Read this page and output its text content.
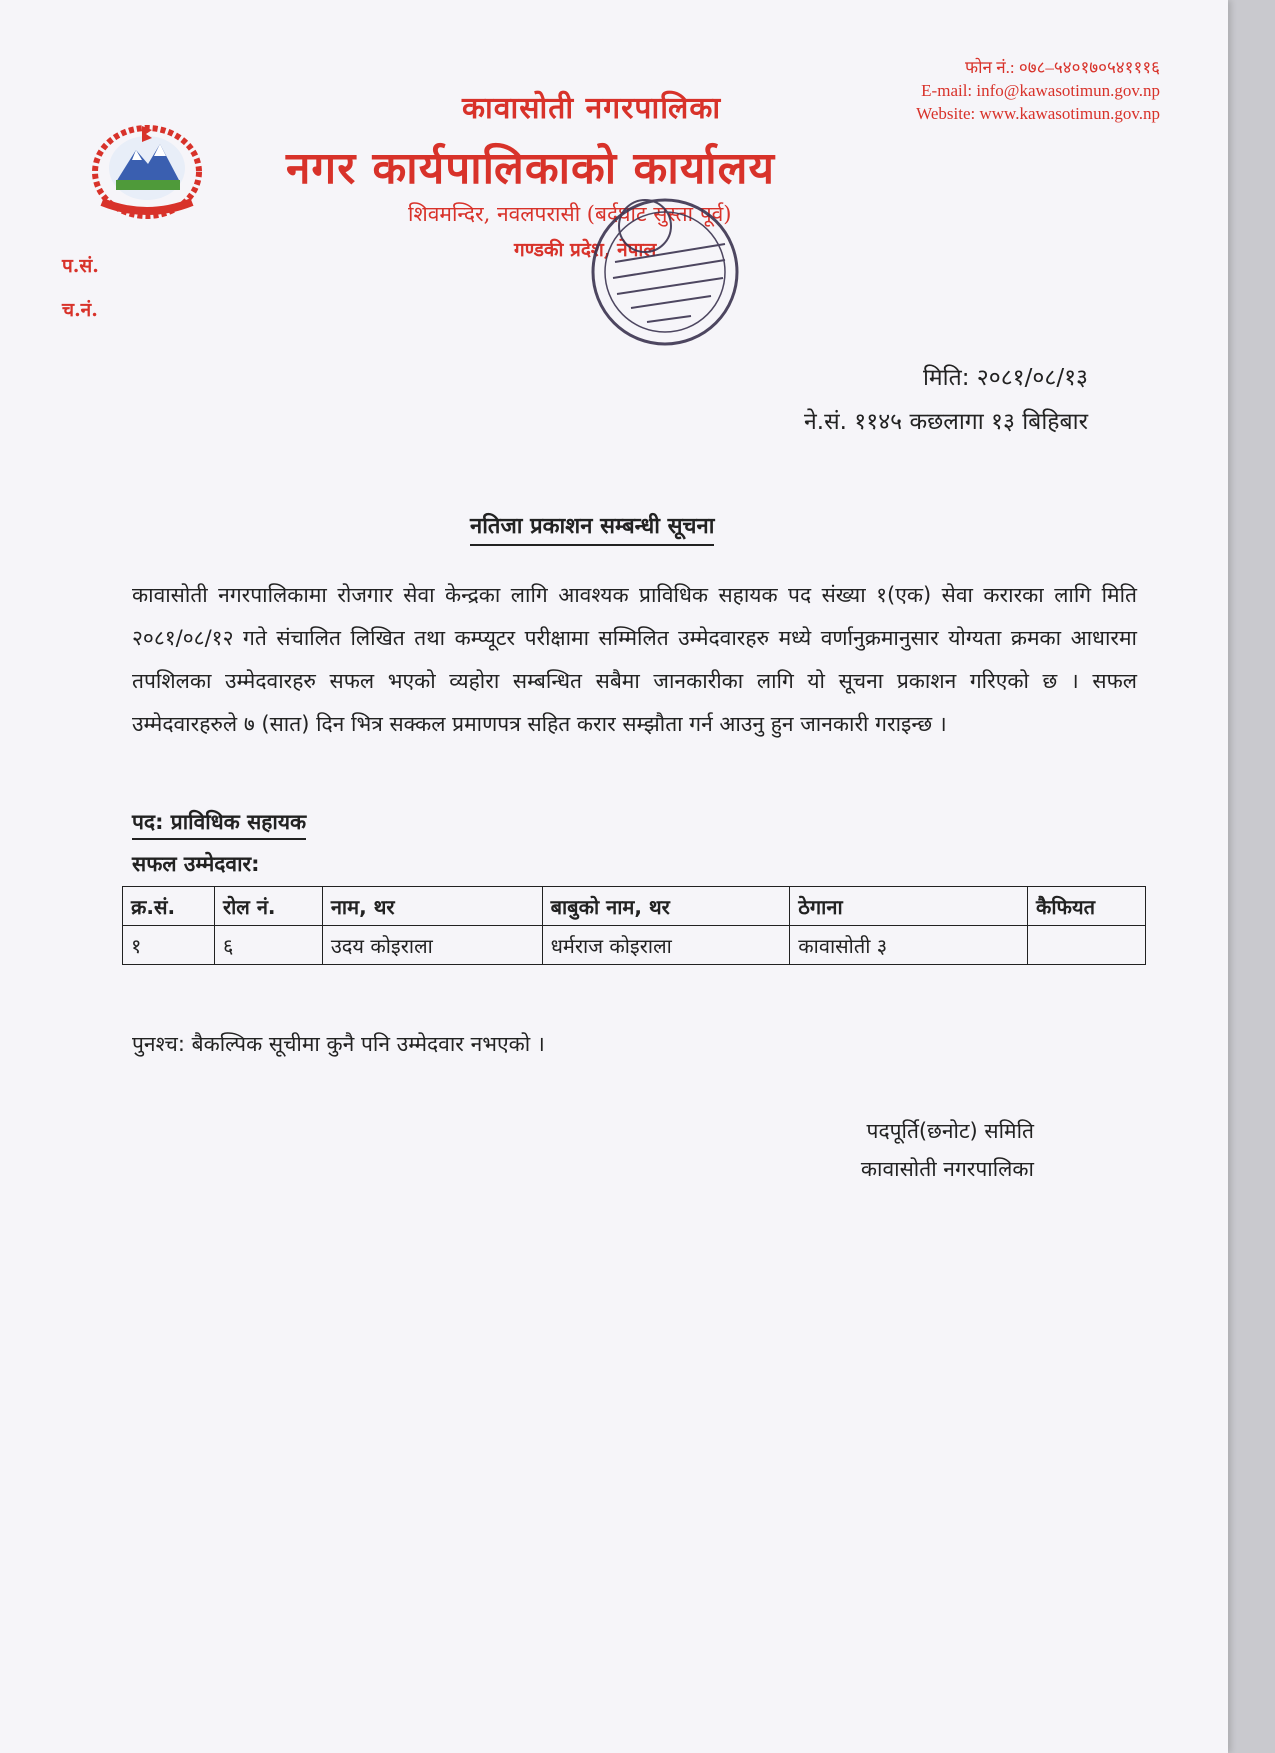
कावासोती नगरपालिका
नगर कार्यपालिकाको कार्यालय
शिवमन्दिर, नवलपरासी (बर्दघाट सुस्ता पूर्व)
गण्डकी प्रदेश, नेपाल
फोन नं.: ०७८–५४०१७०५४१११६
E-mail: info@kawasotimun.gov.np
Website: www.kawasotimun.gov.np
प.सं.
च.नं.
मिति: २०८१/०८/१३
ने.सं. ११४५ कछलागा १३ बिहिबार
नतिजा प्रकाशन सम्बन्धी सूचना
कावासोती नगरपालिकामा रोजगार सेवा केन्द्रका लागि आवश्यक प्राविधिक सहायक पद संख्या १(एक) सेवा करारका लागि मिति २०८१/०८/१२ गते संचालित लिखित तथा कम्प्यूटर परीक्षामा सम्मिलित उम्मेदवारहरु मध्ये वर्णानुक्रमानुसार योग्यता क्रमका आधारमा तपशिलका उम्मेदवारहरु सफल भएको व्यहोरा सम्बन्धित सबैमा जानकारीका लागि यो सूचना प्रकाशन गरिएको छ । सफल उम्मेदवारहरुले ७ (सात) दिन भित्र सक्कल प्रमाणपत्र सहित करार सम्झौता गर्न आउनु हुन जानकारी गराइन्छ ।
पद: प्राविधिक सहायक
सफल उम्मेदवार:
क्र.सं.	रोल नं.	नाम, थर	बाबुको नाम, थर	ठेगाना	कैफियत
१	६	उदय कोइराला	धर्मराज कोइराला	कावासोती ३	
पुनश्च: बैकल्पिक सूचीमा कुनै पनि उम्मेदवार नभएको ।
पदपूर्ति(छनोट) समिति
कावासोती नगरपालिका
